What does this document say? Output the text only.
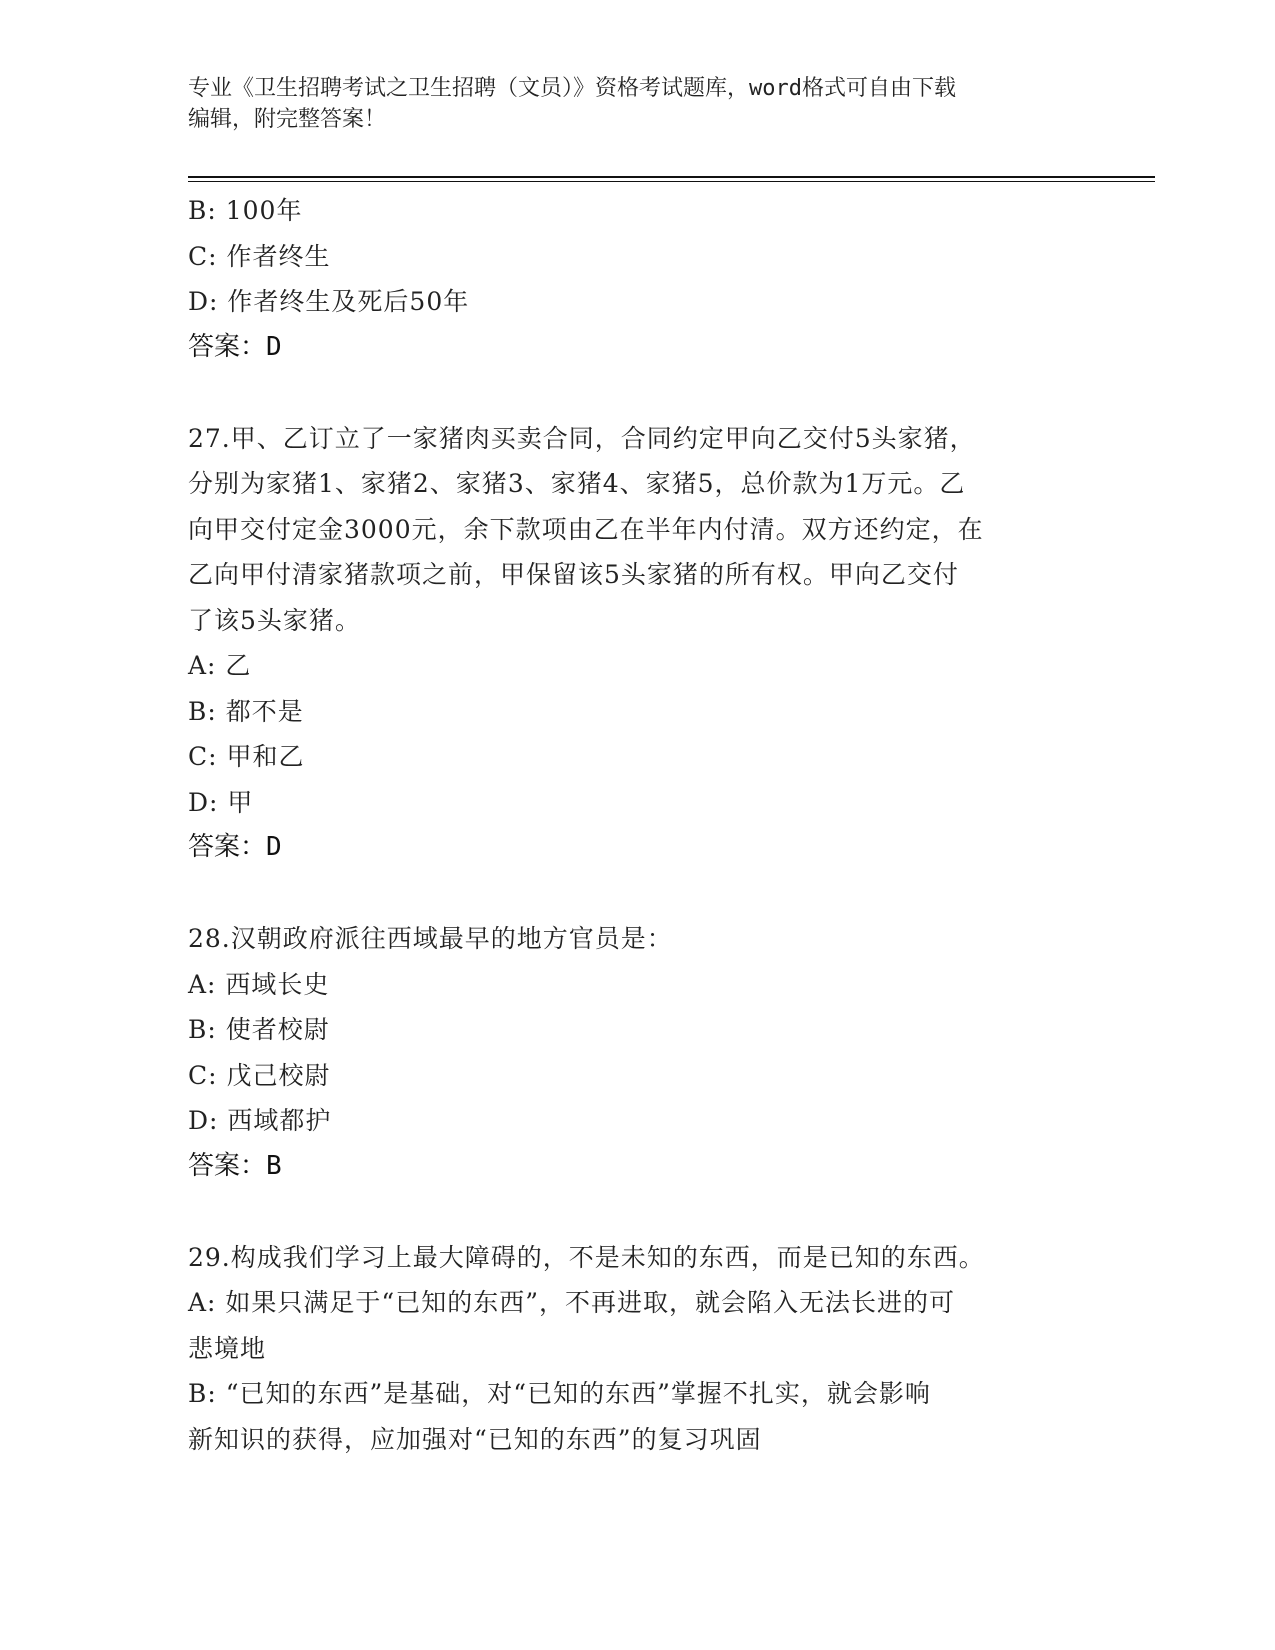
专业《卫生招聘考试之卫生招聘（文员）》资格考试题库，word格式可自由下载
编辑，附完整答案！
B: 100年
C: 作者终生
D: 作者终生及死后50年
答案：D
27.甲、乙订立了一家猪肉买卖合同，合同约定甲向乙交付5头家猪，
分别为家猪1、家猪2、家猪3、家猪4、家猪5，总价款为1万元。乙
向甲交付定金3000元，余下款项由乙在半年内付清。双方还约定，在
乙向甲付清家猪款项之前，甲保留该5头家猪的所有权。甲向乙交付
了该5头家猪。
A: 乙
B: 都不是
C: 甲和乙
D: 甲
答案：D
28.汉朝政府派往西域最早的地方官员是：
A: 西域长史
B: 使者校尉
C: 戊己校尉
D: 西域都护
答案：B
29.构成我们学习上最大障碍的，不是未知的东西，而是已知的东西。
A: 如果只满足于“已知的东西”，不再进取，就会陷入无法长进的可
悲境地
B: “已知的东西”是基础，对“已知的东西”掌握不扎实，就会影响
新知识的获得，应加强对“已知的东西”的复习巩固
